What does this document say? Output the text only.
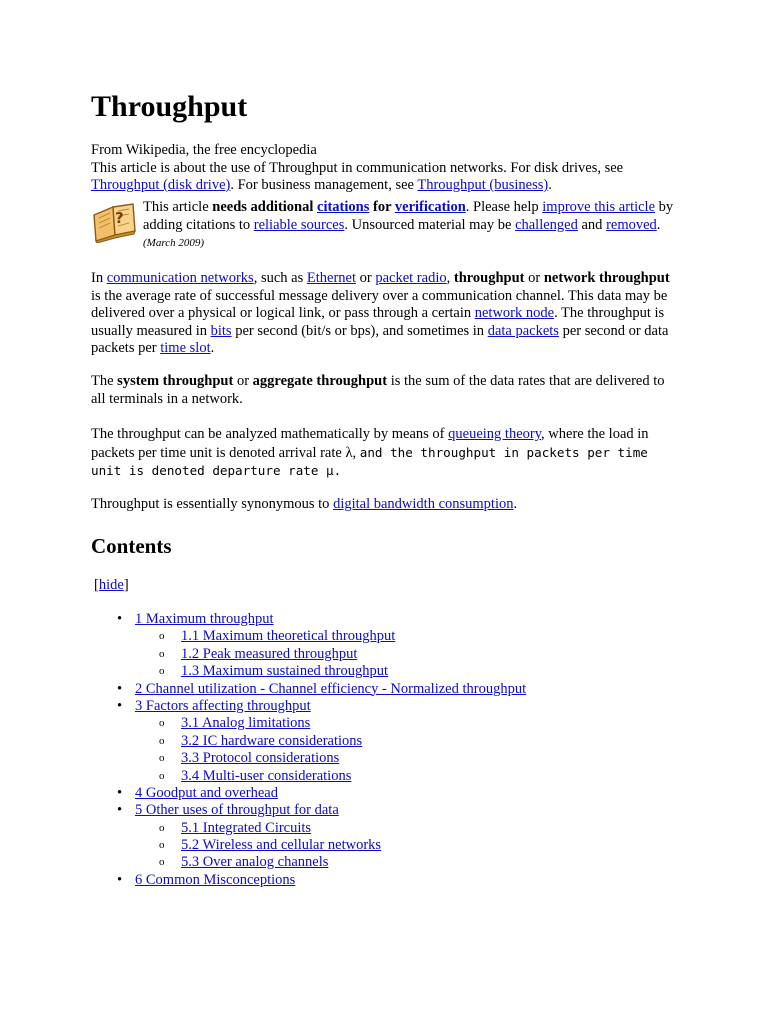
Throughput

From Wikipedia, the free encyclopedia
This article is about the use of Throughput in communication networks. For disk drives, see Throughput (disk drive). For business management, see Throughput (business).

?
This article needs additional citations for verification. Please help improve this article by adding citations to reliable sources. Unsourced material may be challenged and removed. (March 2009)

In communication networks, such as Ethernet or packet radio, throughput or network throughput is the average rate of successful message delivery over a communication channel. This data may be delivered over a physical or logical link, or pass through a certain network node. The throughput is usually measured in bits per second (bit/s or bps), and sometimes in data packets per second or data packets per time slot.

The system throughput or aggregate throughput is the sum of the data rates that are delivered to all terminals in a network.

The throughput can be analyzed mathematically by means of queueing theory, where the load in packets per time unit is denoted arrival rate λ, and the throughput in packets per time unit is denoted departure rate μ.

Throughput is essentially synonymous to digital bandwidth consumption.

Contents
[hide]
• 1 Maximum throughput
o 1.1 Maximum theoretical throughput
o 1.2 Peak measured throughput
o 1.3 Maximum sustained throughput
• 2 Channel utilization - Channel efficiency - Normalized throughput
• 3 Factors affecting throughput
o 3.1 Analog limitations
o 3.2 IC hardware considerations
o 3.3 Protocol considerations
o 3.4 Multi-user considerations
• 4 Goodput and overhead
• 5 Other uses of throughput for data
o 5.1 Integrated Circuits
o 5.2 Wireless and cellular networks
o 5.3 Over analog channels
• 6 Common Misconceptions
